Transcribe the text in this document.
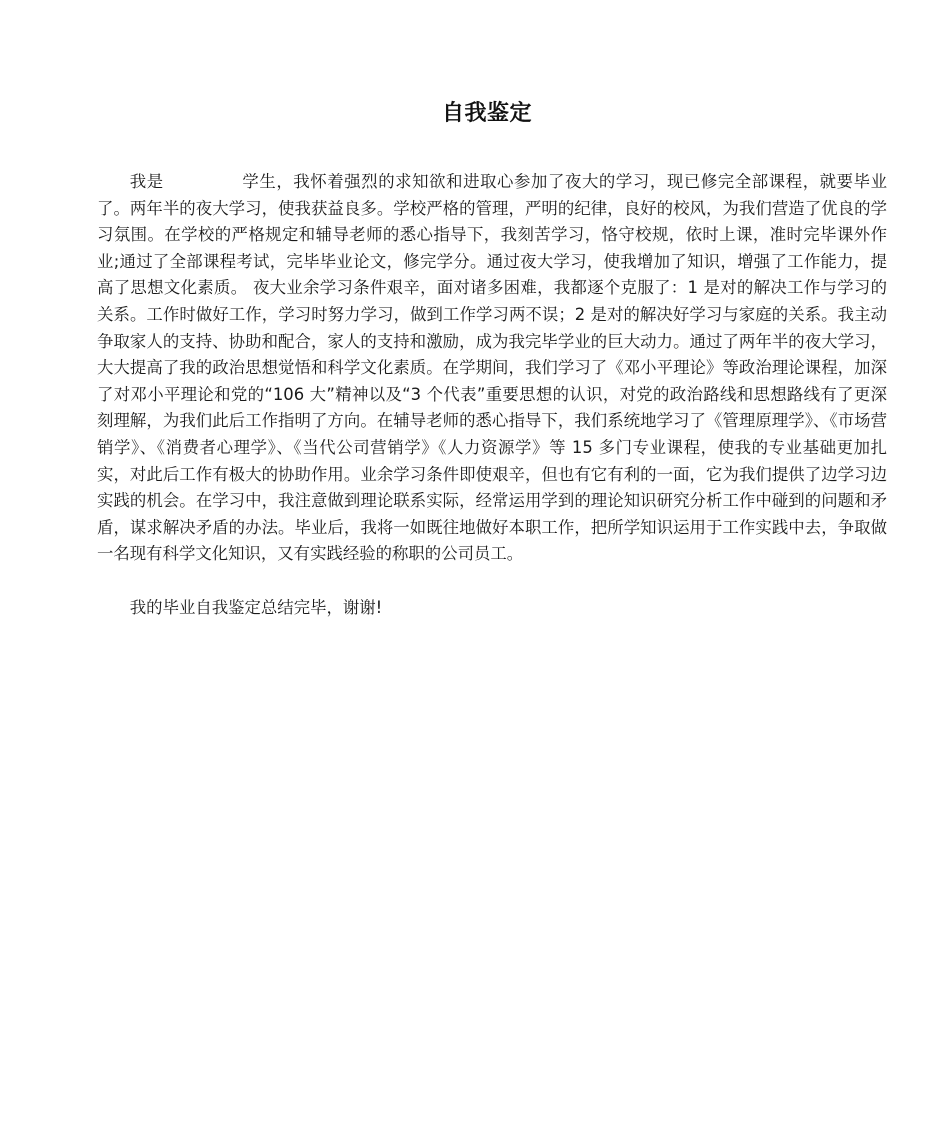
自我鉴定

我是	学生，我怀着强烈的求知欲和进取心参加了夜大的学习，现已修完全部课程，就要毕业了。两年半的夜大学习，使我获益良多。学校严格的管理，严明的纪律，良好的校风，为我们营造了优良的学习氛围。在学校的严格规定和辅导老师的悉心指导下，我刻苦学习，恪守校规，依时上课，准时完毕课外作业;通过了全部课程考试，完毕毕业论文，修完学分。通过夜大学习，使我增加了知识，增强了工作能力，提高了思想文化素质。 夜大业余学习条件艰辛，面对诸多困难，我都逐个克服了：1 是对的解决工作与学习的关系。工作时做好工作，学习时努力学习，做到工作学习两不误；2 是对的解决好学习与家庭的关系。我主动争取家人的支持、协助和配合，家人的支持和激励，成为我完毕学业的巨大动力。通过了两年半的夜大学习，大大提高了我的政治思想觉悟和科学文化素质。在学期间，我们学习了《邓小平理论》等政治理论课程，加深了对邓小平理论和党的“106 大”精神以及“3 个代表”重要思想的认识，对党的政治路线和思想路线有了更深刻理解，为我们此后工作指明了方向。在辅导老师的悉心指导下，我们系统地学习了《管理原理学》、《市场营销学》、《消费者心理学》、《当代公司营销学》《人力资源学》等 15 多门专业课程，使我的专业基础更加扎实，对此后工作有极大的协助作用。业余学习条件即使艰辛，但也有它有利的一面，它为我们提供了边学习边实践的机会。在学习中，我注意做到理论联系实际，经常运用学到的理论知识研究分析工作中碰到的问题和矛盾，谋求解决矛盾的办法。毕业后，我将一如既往地做好本职工作，把所学知识运用于工作实践中去，争取做一名现有科学文化知识，又有实践经验的称职的公司员工。

我的毕业自我鉴定总结完毕，谢谢!
